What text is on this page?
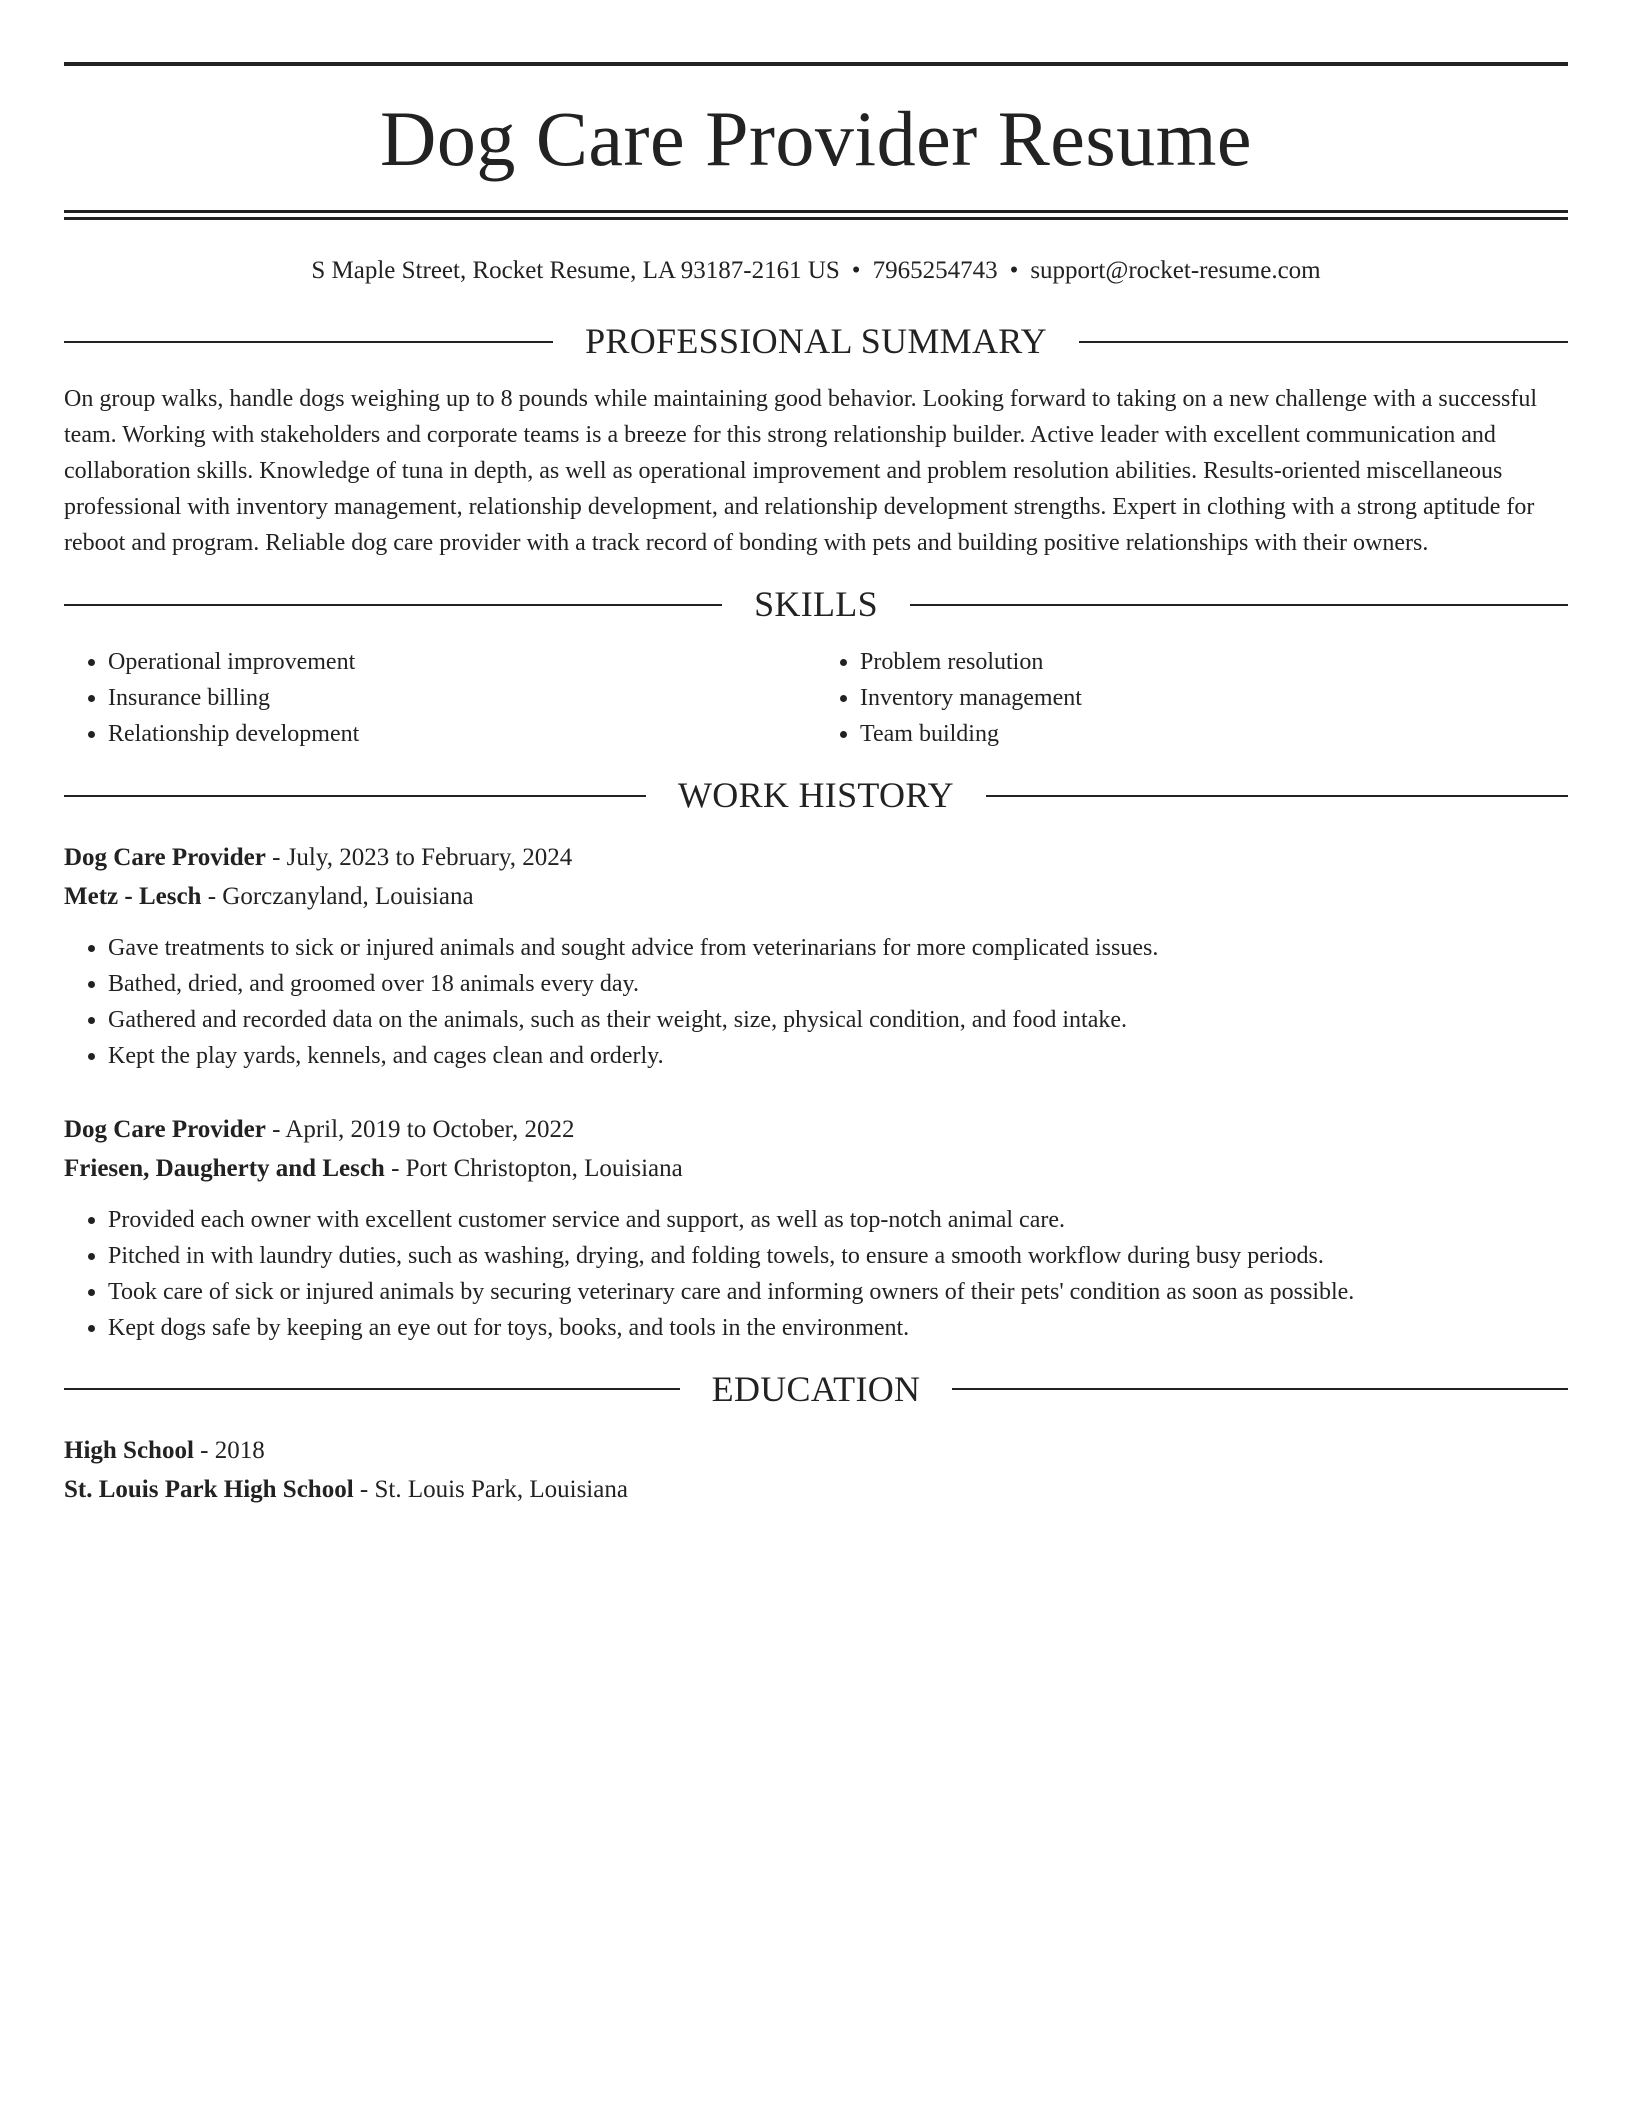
Dog Care Provider Resume
S Maple Street, Rocket Resume, LA 93187-2161 US • 7965254743 • support@rocket-resume.com
PROFESSIONAL SUMMARY
On group walks, handle dogs weighing up to 8 pounds while maintaining good behavior. Looking forward to taking on a new challenge with a successful team. Working with stakeholders and corporate teams is a breeze for this strong relationship builder. Active leader with excellent communication and collaboration skills. Knowledge of tuna in depth, as well as operational improvement and problem resolution abilities. Results-oriented miscellaneous professional with inventory management, relationship development, and relationship development strengths. Expert in clothing with a strong aptitude for reboot and program. Reliable dog care provider with a track record of bonding with pets and building positive relationships with their owners.
SKILLS
• Operational improvement
• Insurance billing
• Relationship development
• Problem resolution
• Inventory management
• Team building
WORK HISTORY
Dog Care Provider - July, 2023 to February, 2024
Metz - Lesch - Gorczanyland, Louisiana
• Gave treatments to sick or injured animals and sought advice from veterinarians for more complicated issues.
• Bathed, dried, and groomed over 18 animals every day.
• Gathered and recorded data on the animals, such as their weight, size, physical condition, and food intake.
• Kept the play yards, kennels, and cages clean and orderly.
Dog Care Provider - April, 2019 to October, 2022
Friesen, Daugherty and Lesch - Port Christopton, Louisiana
• Provided each owner with excellent customer service and support, as well as top-notch animal care.
• Pitched in with laundry duties, such as washing, drying, and folding towels, to ensure a smooth workflow during busy periods.
• Took care of sick or injured animals by securing veterinary care and informing owners of their pets' condition as soon as possible.
• Kept dogs safe by keeping an eye out for toys, books, and tools in the environment.
EDUCATION
High School - 2018
St. Louis Park High School - St. Louis Park, Louisiana
